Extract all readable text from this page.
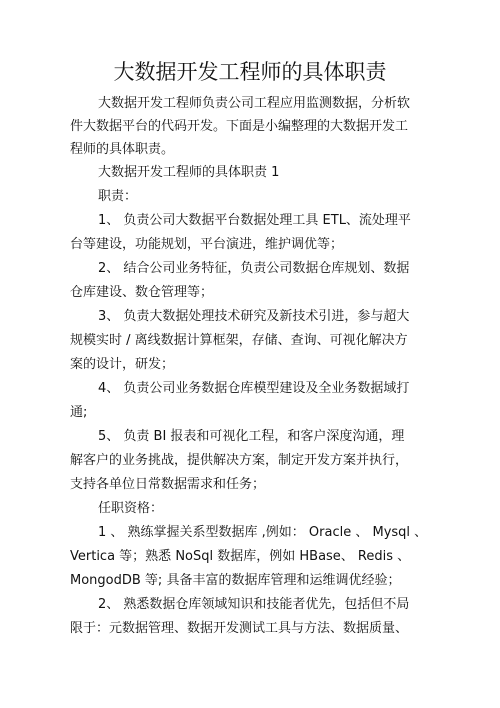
大数据开发工程师的具体职责
大数据开发工程师负责公司工程应用监测数据，分析软
件大数据平台的代码开发。下面是小编整理的大数据开发工
程师的具体职责。
大数据开发工程师的具体职责 1
职责：
1、 负责公司大数据平台数据处理工具 ETL、流处理平
台等建设，功能规划，平台演进，维护调优等；
2、 结合公司业务特征，负责公司数据仓库规划、数据
仓库建设、数仓管理等；
3、 负责大数据处理技术研究及新技术引进，参与超大
规模实时 / 离线数据计算框架，存储、查询、可视化解决方
案的设计，研发；
4、 负责公司业务数据仓库模型建设及全业务数据域打
通;
5、 负责 BI 报表和可视化工程，和客户深度沟通，理
解客户的业务挑战，提供解决方案，制定开发方案并执行，
支持各单位日常数据需求和任务；
任职资格：
1 、 熟练掌握关系型数据库 ,例如： Oracle 、 Mysql 、
Vertica 等；熟悉 NoSql 数据库，例如 HBase、 Redis 、
MongodDB 等; 具备丰富的数据库管理和运维调优经验；
2、 熟悉数据仓库领域知识和技能者优先，包括但不局
限于：元数据管理、数据开发测试工具与方法、数据质量、
